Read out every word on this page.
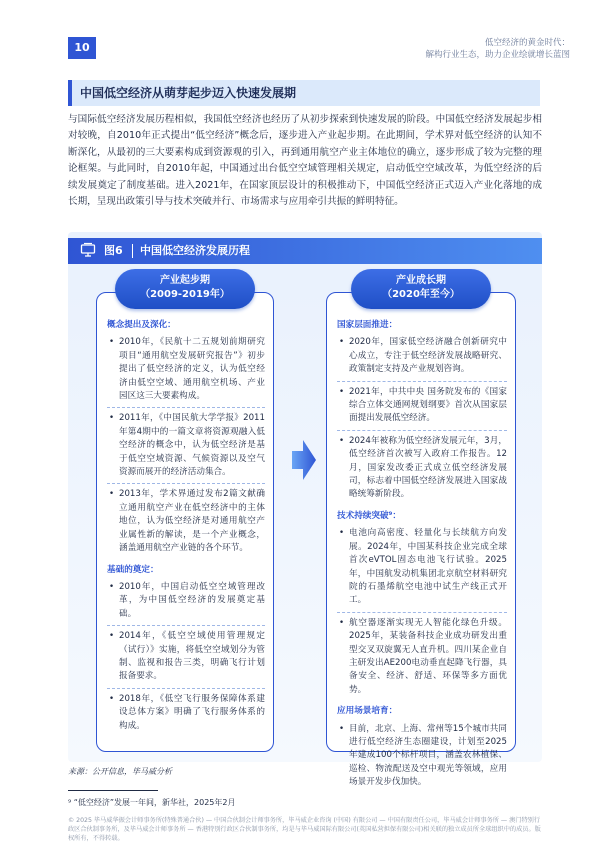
10	低空经济的黄金时代：
解构行业生态，助力企业绘就增长蓝图
中国低空经济从萌芽起步迈入快速发展期
与国际低空经济发展历程相似，我国低空经济也经历了从初步探索到快速发展的阶段。中国低空经济发展起步相对较晚，自2010年正式提出“低空经济”概念后，逐步进入产业起步期。在此期间，学术界对低空经济的认知不断深化，从最初的三大要素构成到资源观的引入，再到通用航空产业主体地位的确立，逐步形成了较为完整的理论框架。与此同时，自2010年起，中国通过出台低空空域管理相关规定，启动低空空域改革，为低空经济的后续发展奠定了制度基础。进入2021年，在国家顶层设计的积极推动下，中国低空经济正式迈入产业化落地的成长期，呈现出政策引导与技术突破并行、市场需求与应用牵引共振的鲜明特征。
图6 中国低空经济发展历程
产业起步期
（2009-2019年）
概念提出及深化：
• 2010年，《民航十二五规划前期研究项目“通用航空发展研究报告”》初步提出了低空经济的定义，认为低空经济由低空空域、通用航空机场、产业园区这三大要素构成。
• 2011年，《中国民航大学学报》2011年第4期中的一篇文章将资源观融入低空经济的概念中，认为低空经济是基于低空空域资源、气候资源以及空气资源而展开的经济活动集合。
• 2013年，学术界通过发布2篇文献确立通用航空产业在低空经济中的主体地位，认为低空经济是对通用航空产业属性新的解读，是一个产业概念，涵盖通用航空产业链的各个环节。
基础的奠定：
• 2010年，中国启动低空空域管理改革，为中国低空经济的发展奠定基础。
• 2014年，《低空空域使用管理规定（试行）》实施，将低空空域划分为管制、监视和报告三类，明确飞行计划报备要求。
• 2018年，《低空飞行服务保障体系建设总体方案》明确了飞行服务体系的构成。
产业成长期
（2020年至今）
国家层面推进：
• 2020年，国家低空经济融合创新研究中心成立，专注于低空经济发展战略研究、政策制定支持及产业规划咨询。
• 2021年，中共中央 国务院发布的《国家综合立体交通网规划纲要》首次从国家层面提出发展低空经济。
• 2024年被称为低空经济发展元年，3月，低空经济首次被写入政府工作报告。12月，国家发改委正式成立低空经济发展司，标志着中国低空经济发展进入国家战略统筹新阶段。
技术持续突破⁹：
• 电池向高密度、轻量化与长续航方向发展。2024年，中国某科技企业完成全球首次eVTOL固态电池飞行试验。2025年，中国航发动机集团北京航空材料研究院的石墨烯航空电池中试生产线正式开工。
• 航空器逐渐实现无人智能化绿色升级。2025年，某装备科技企业成功研发出重型交叉双旋翼无人直升机。四川某企业自主研发出AE200电动垂直起降飞行器，具备安全、经济、舒适、环保等多方面优势。
应用场景培育：
• 目前，北京、上海、常州等15个城市共同进行低空经济生态圈建设，计划至2025年建成100个标杆项目，涵盖农林植保、巡检、物流配送及空中观光等领域，应用场景开发步伐加快。
来源：公开信息，毕马威分析
⁹ “低空经济”发展一年间，新华社，2025年2月
© 2025 毕马威华振会计师事务所(特殊普通合伙) — 中国合伙制会计师事务所，毕马威企业咨询 (中国) 有限公司 — 中国有限责任公司，毕马威会计师事务所 — 澳门特别行政区合伙制事务所，及毕马威会计师事务所 — 香港特别行政区合伙制事务所，均是与毕马威国际有限公司(英国私营担保有限公司)相关联的独立成员所全球组织中的成员。版权所有，不得转载。
